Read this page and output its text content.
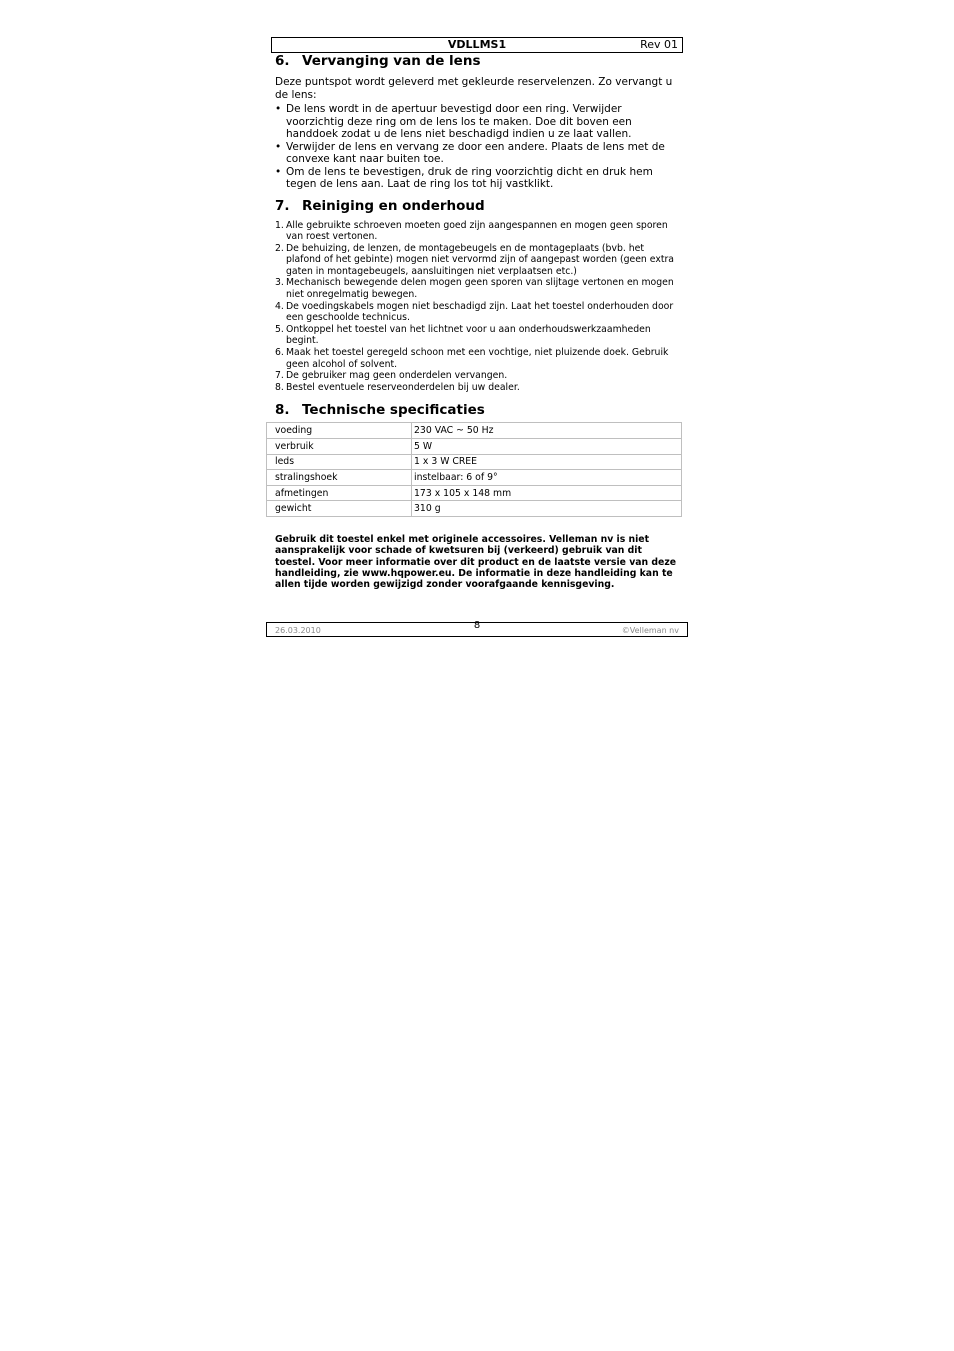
VDLLMS1	Rev 01
6. Vervanging van de lens

Deze puntspot wordt geleverd met gekleurde reservelenzen. Zo vervangt u de lens:

• De lens wordt in de apertuur bevestigd door een ring. Verwijder voorzichtig deze ring om de lens los te maken. Doe dit boven een handdoek zodat u de lens niet beschadigd indien u ze laat vallen.
• Verwijder de lens en vervang ze door een andere. Plaats de lens met de convexe kant naar buiten toe.
• Om de lens te bevestigen, druk de ring voorzichtig dicht en druk hem tegen de lens aan. Laat de ring los tot hij vastklikt.
7. Reiniging en onderhoud
1. Alle gebruikte schroeven moeten goed zijn aangespannen en mogen geen sporen van roest vertonen.
2. De behuizing, de lenzen, de montagebeugels en de montageplaats (bvb. het plafond of het gebinte) mogen niet vervormd zijn of aangepast worden (geen extra gaten in montagebeugels, aansluitingen niet verplaatsen etc.)
3. Mechanisch bewegende delen mogen geen sporen van slijtage vertonen en mogen niet onregelmatig bewegen.
4. De voedingskabels mogen niet beschadigd zijn. Laat het toestel onderhouden door een geschoolde technicus.
5. Ontkoppel het toestel van het lichtnet voor u aan onderhoudswerkzaamheden begint.
6. Maak het toestel geregeld schoon met een vochtige, niet pluizende doek. Gebruik geen alcohol of solvent.
7. De gebruiker mag geen onderdelen vervangen.
8. Bestel eventuele reserveonderdelen bij uw dealer.
8. Technische specificaties
voeding	230 VAC ~ 50 Hz
verbruik	5 W
leds	1 x 3 W CREE
stralingshoek	instelbaar: 6 of 9°
afmetingen	173 x 105 x 148 mm
gewicht	310 g

Gebruik dit toestel enkel met originele accessoires. Velleman nv is niet aansprakelijk voor schade of kwetsuren bij (verkeerd) gebruik van dit toestel. Voor meer informatie over dit product en de laatste versie van deze handleiding, zie www.hqpower.eu. De informatie in deze handleiding kan te allen tijde worden gewijzigd zonder voorafgaande kennisgeving.

26.03.2010	8	©Velleman nv
